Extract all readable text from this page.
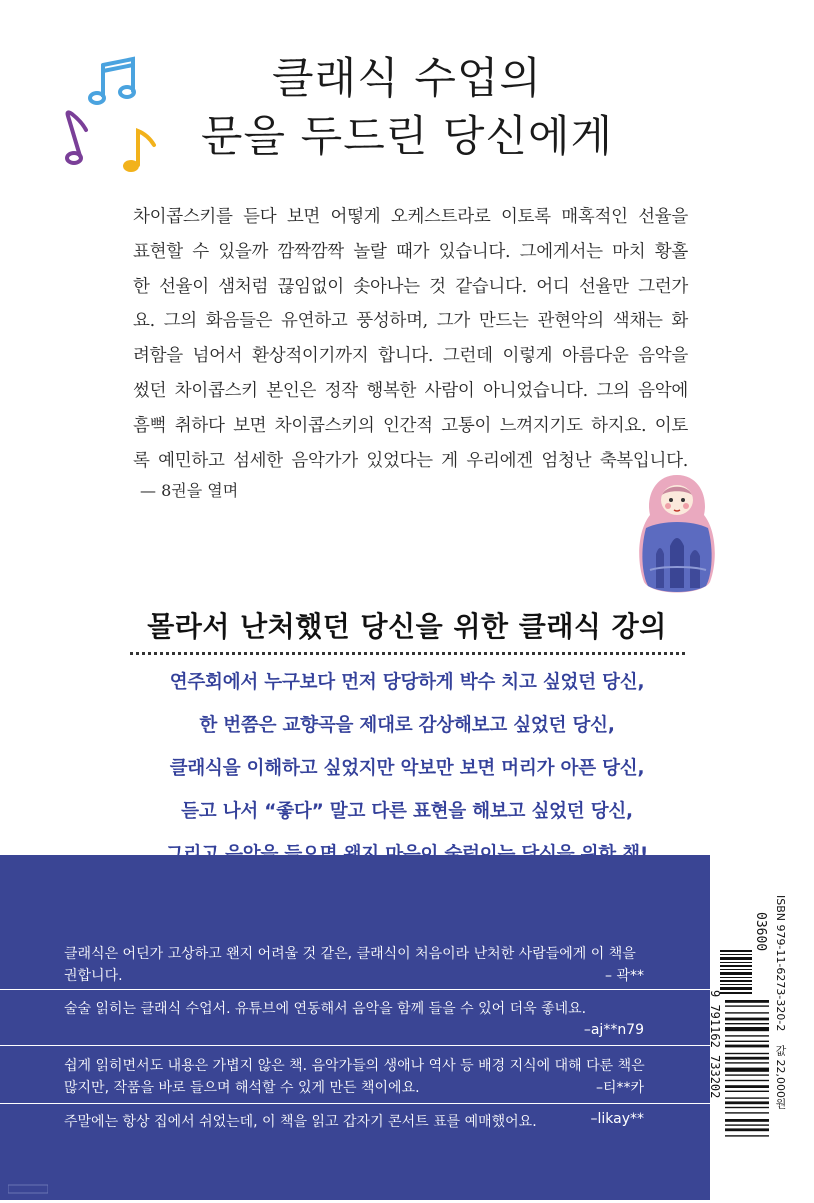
클래식 수업의
문을 두드린 당신에게
차이콥스키를 듣다 보면 어떻게 오케스트라로 이토록 매혹적인 선율을
표현할 수 있을까 깜짝깜짝 놀랄 때가 있습니다. 그에게서는 마치 황홀
한 선율이 샘처럼 끊임없이 솟아나는 것 같습니다. 어디 선율만 그런가
요. 그의 화음들은 유연하고 풍성하며, 그가 만드는 관현악의 색채는 화
려함을 넘어서 환상적이기까지 합니다. 그런데 이렇게 아름다운 음악을
썼던 차이콥스키 본인은 정작 행복한 사람이 아니었습니다. 그의 음악에
흠뻑 취하다 보면 차이콥스키의 인간적 고통이 느껴지기도 하지요. 이토
록 예민하고 섬세한 음악가가 있었다는 게 우리에겐 엄청난 축복입니다.
— 8권을 열며
몰라서 난처했던 당신을 위한 클래식 강의
연주회에서 누구보다 먼저 당당하게 박수 치고 싶었던 당신,
한 번쯤은 교향곡을 제대로 감상해보고 싶었던 당신,
클래식을 이해하고 싶었지만 악보만 보면 머리가 아픈 당신,
듣고 나서 “좋다” 말고 다른 표현을 해보고 싶었던 당신,
클래식은 어딘가 고상하고 왠지 어려울 것 같은, 클래식이 처음이라 난처한 사람들에게 이 책을
권합니다.	– 곽**
술술 읽히는 클래식 수업서. 유튜브에 연동해서 음악을 함께 들을 수 있어 더욱 좋네요.
–aj**n79
쉽게 읽히면서도 내용은 가볍지 않은 책. 음악가들의 생애나 역사 등 배경 지식에 대해 다룬 책은
많지만, 작품을 바로 들으며 해석할 수 있게 만든 책이에요.	–티**카
주말에는 항상 집에서 쉬었는데, 이 책을 읽고 갑자기 콘서트 표를 예매했어요.	–likay**
03600
9 791162 733202
ISBN 979-11-6273-320-2 값 22,000원
